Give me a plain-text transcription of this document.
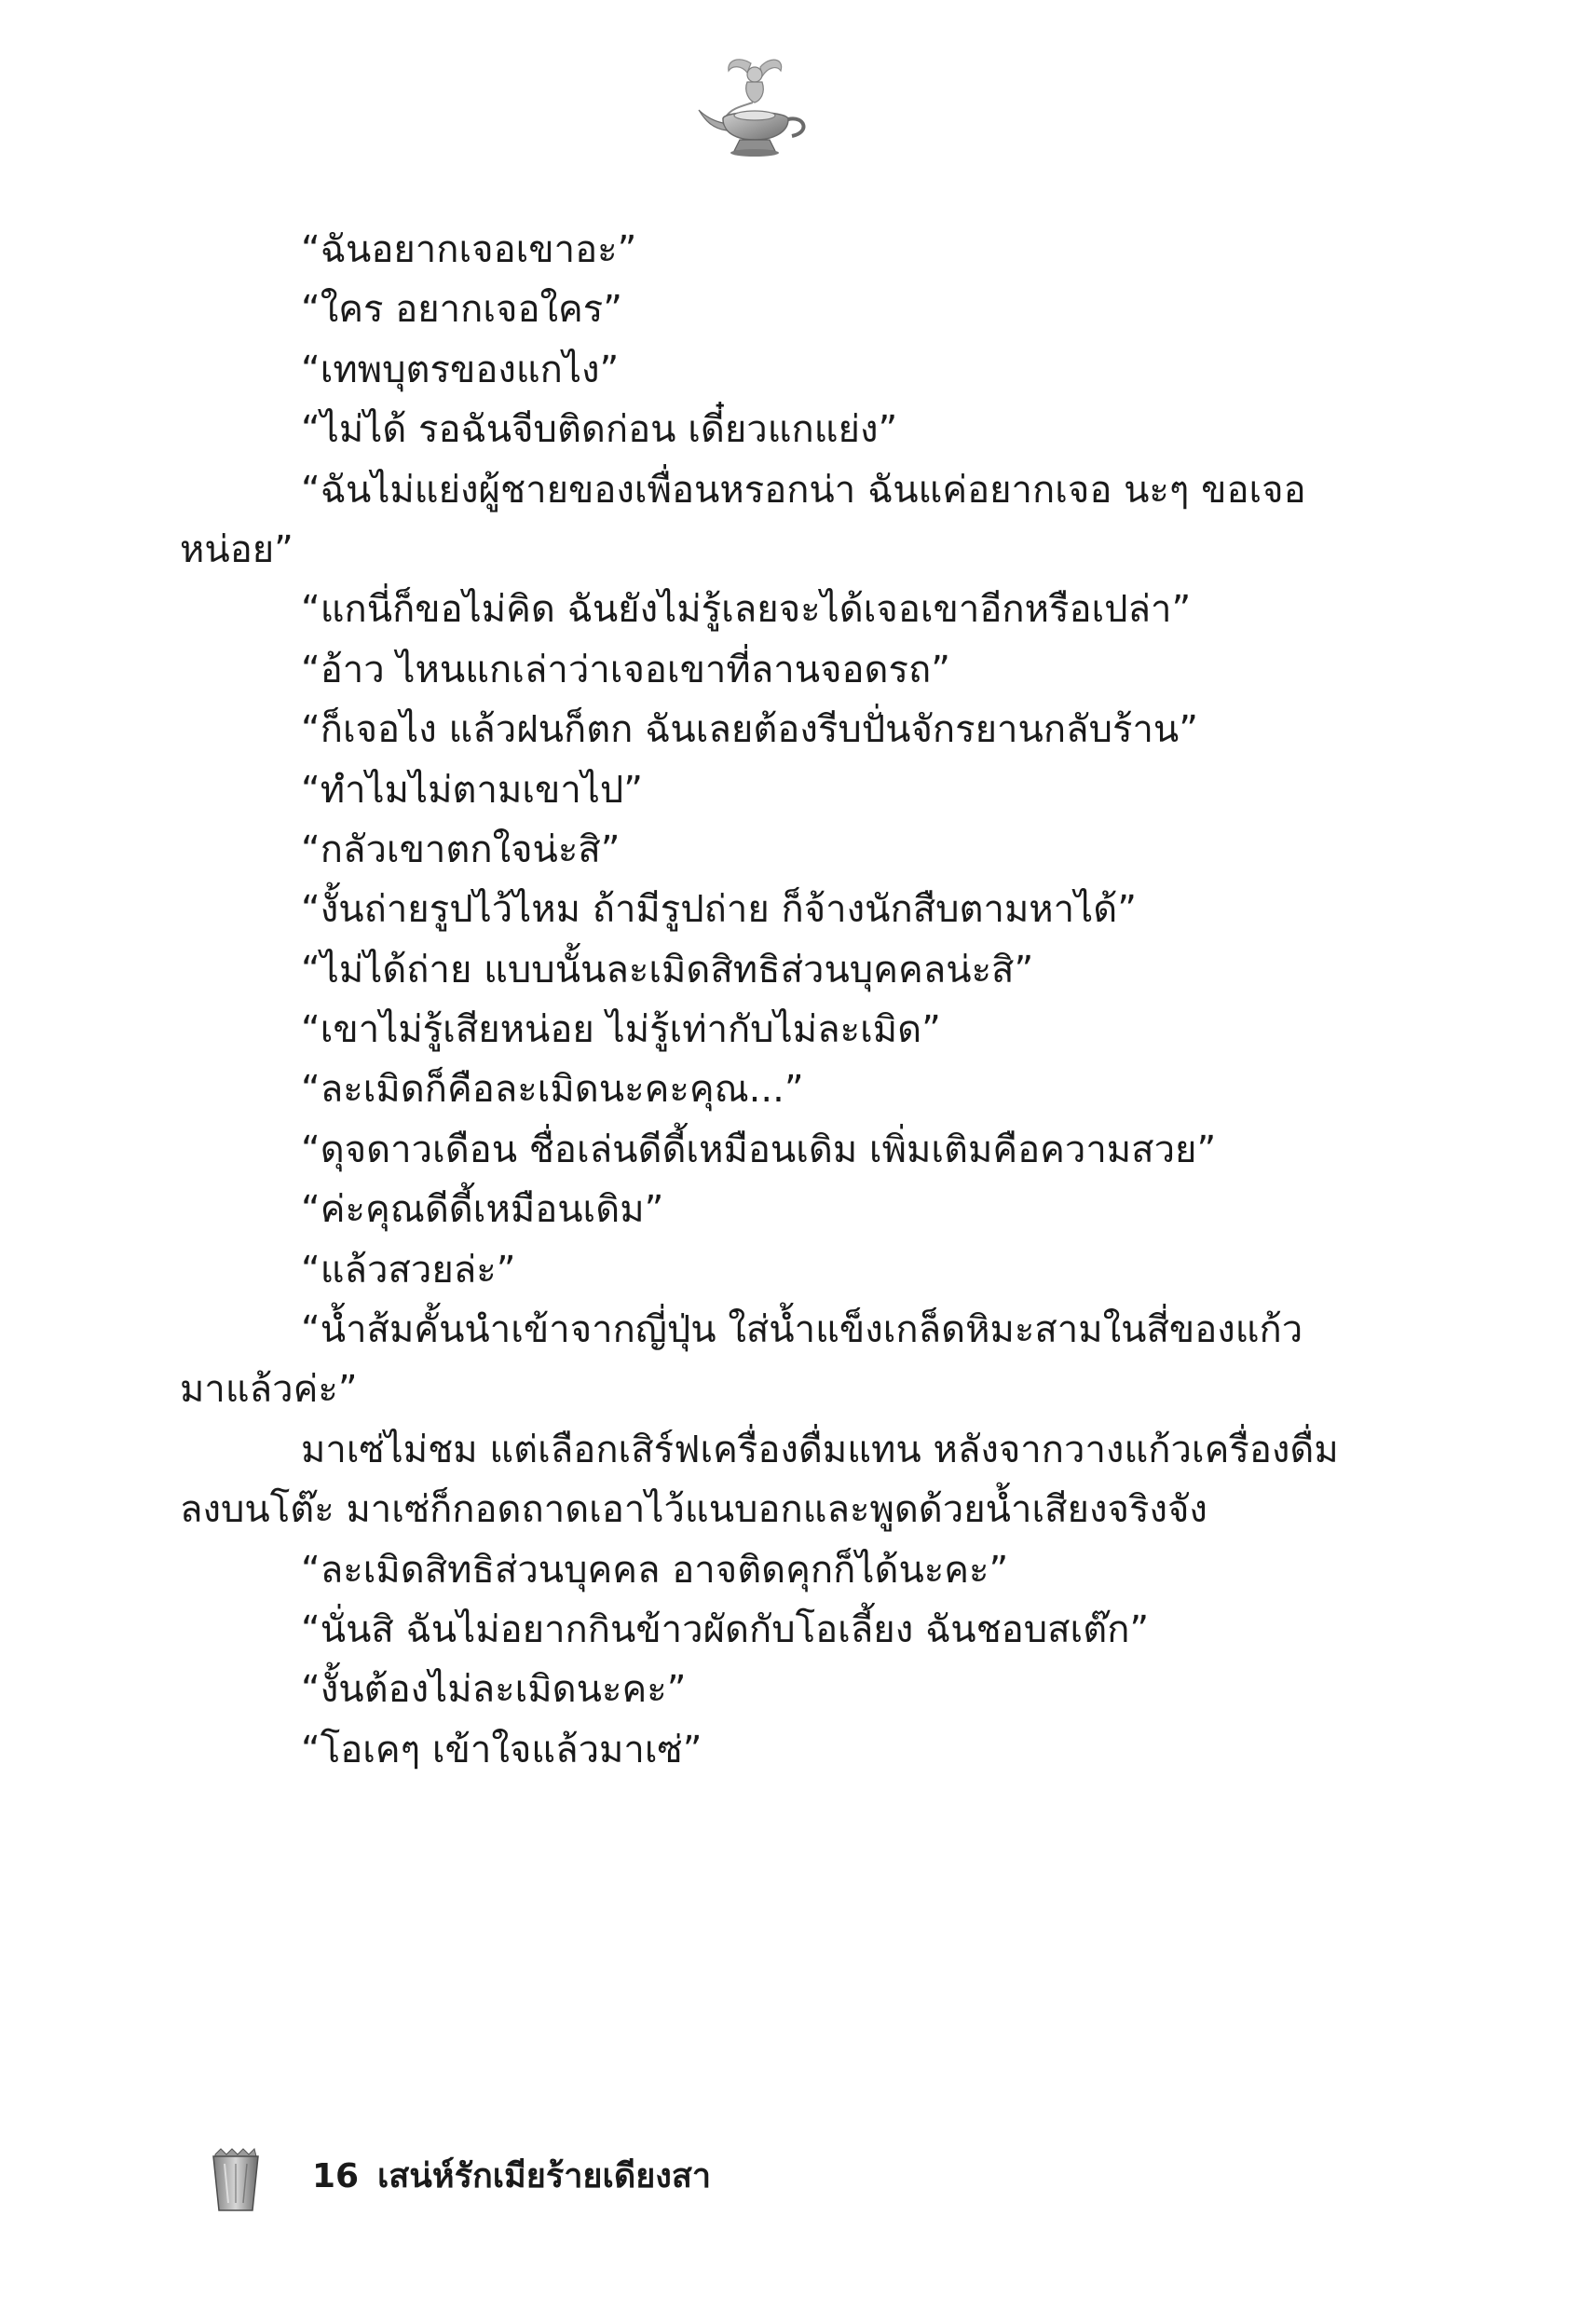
“ฉันอยากเจอเขาอะ”
“ใคร อยากเจอใคร”
“เทพบุตรของแกไง”
“ไม่ได้ รอฉันจีบติดก่อน เดี๋ยวแกแย่ง”
“ฉันไม่แย่งผู้ชายของเพื่อนหรอกน่า ฉันแค่อยากเจอ นะๆ ขอเจอ
หน่อย”
“แกนี่ก็ขอไม่คิด ฉันยังไม่รู้เลยจะได้เจอเขาอีกหรือเปล่า”
“อ้าว ไหนแกเล่าว่าเจอเขาที่ลานจอดรถ”
“ก็เจอไง แล้วฝนก็ตก ฉันเลยต้องรีบปั่นจักรยานกลับร้าน”
“ทำไมไม่ตามเขาไป”
“กลัวเขาตกใจน่ะสิ”
“งั้นถ่ายรูปไว้ไหม ถ้ามีรูปถ่าย ก็จ้างนักสืบตามหาได้”
“ไม่ได้ถ่าย แบบนั้นละเมิดสิทธิส่วนบุคคลน่ะสิ”
“เขาไม่รู้เสียหน่อย ไม่รู้เท่ากับไม่ละเมิด”
“ละเมิดก็คือละเมิดนะคะคุณ...”
“ดุจดาวเดือน ชื่อเล่นดีดี้เหมือนเดิม เพิ่มเติมคือความสวย”
“ค่ะคุณดีดี้เหมือนเดิม”
“แล้วสวยล่ะ”
“น้ำส้มคั้นนำเข้าจากญี่ปุ่น ใส่น้ำแข็งเกล็ดหิมะสามในสี่ของแก้ว
มาแล้วค่ะ”
มาเซ่ไม่ชม แต่เลือกเสิร์ฟเครื่องดื่มแทน หลังจากวางแก้วเครื่องดื่ม
ลงบนโต๊ะ มาเซ่ก็กอดถาดเอาไว้แนบอกและพูดด้วยน้ำเสียงจริงจัง
“ละเมิดสิทธิส่วนบุคคล อาจติดคุกก็ได้นะคะ”
“นั่นสิ ฉันไม่อยากกินข้าวผัดกับโอเลี้ยง ฉันชอบสเต๊ก”
“งั้นต้องไม่ละเมิดนะคะ”
“โอเคๆ เข้าใจแล้วมาเซ่”
16 เสน่ห์รักเมียร้ายเดียงสา
